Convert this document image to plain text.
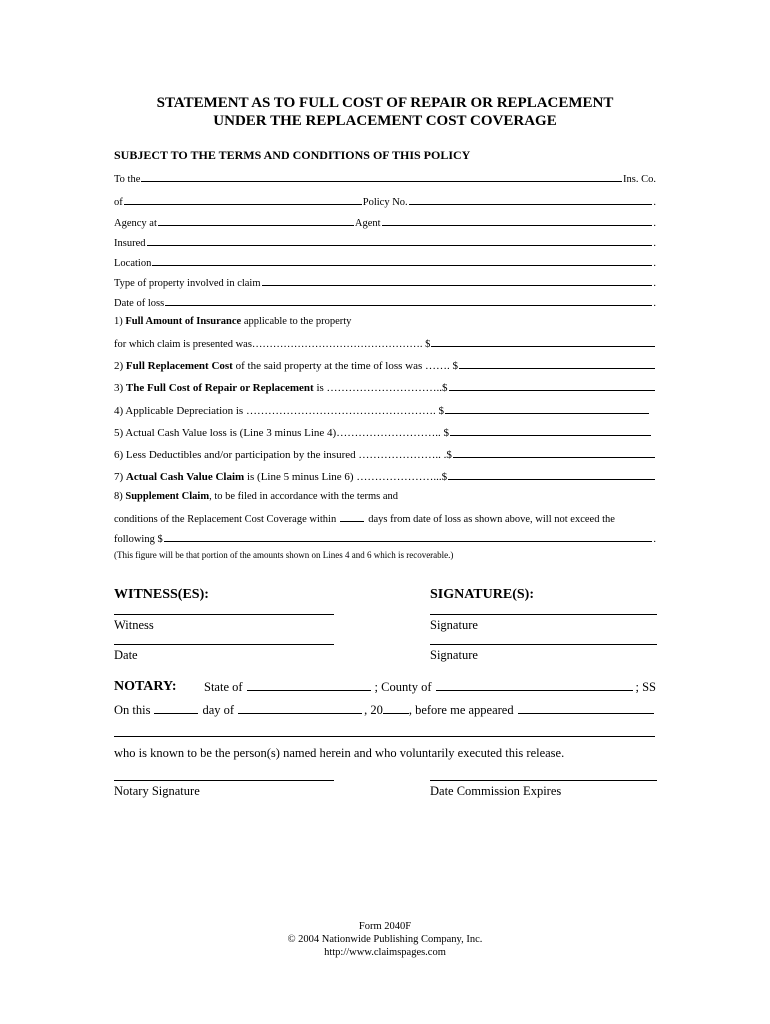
STATEMENT AS TO FULL COST OF REPAIR OR REPLACEMENT
UNDER THE REPLACEMENT COST COVERAGE
SUBJECT TO THE TERMS AND CONDITIONS OF THIS POLICY
To the	Ins. Co.
of	Policy No.	.
Agency at	Agent	.
Insured	.
Location	.
Type of property involved in claim	.
Date of loss	.
1)
Full Amount of Insurance
applicable to the property
for which claim is presented was…………………………………………. $
2)
Full Replacement Cost
of the said property at the time of loss was ……. $
3)
The Full Cost of Repair or Replacement
is …………………………..$
4) Applicable Depreciation is ……………………………………………. $
5) Actual Cash Value loss is (Line 3 minus Line 4)……………………….. $
6) Less Deductibles and/or participation by the insured ………………….. .$
7)
Actual Cash Value Claim
is (Line 5 minus Line 6) …………………...$
8)
Supplement Claim , to be filed in accordance with the terms and
conditions of the Replacement Cost Coverage within	days from date of loss as shown above, will not exceed the
following $	.
(This figure will be that portion of the amounts shown on Lines 4 and 6 which is recoverable.)
WITNESS(ES):	SIGNATURE(S):
Witness	Signature
Date	Signature
NOTARY: State of	; County of	; SS
On this	day of	, 20 , before me appeared
who is known to be the person(s) named herein and who voluntarily executed this release.
Notary Signature	Date Commission Expires
Form 2040F
© 2004 Nationwide Publishing Company, Inc.
http://www.claimspages.com
